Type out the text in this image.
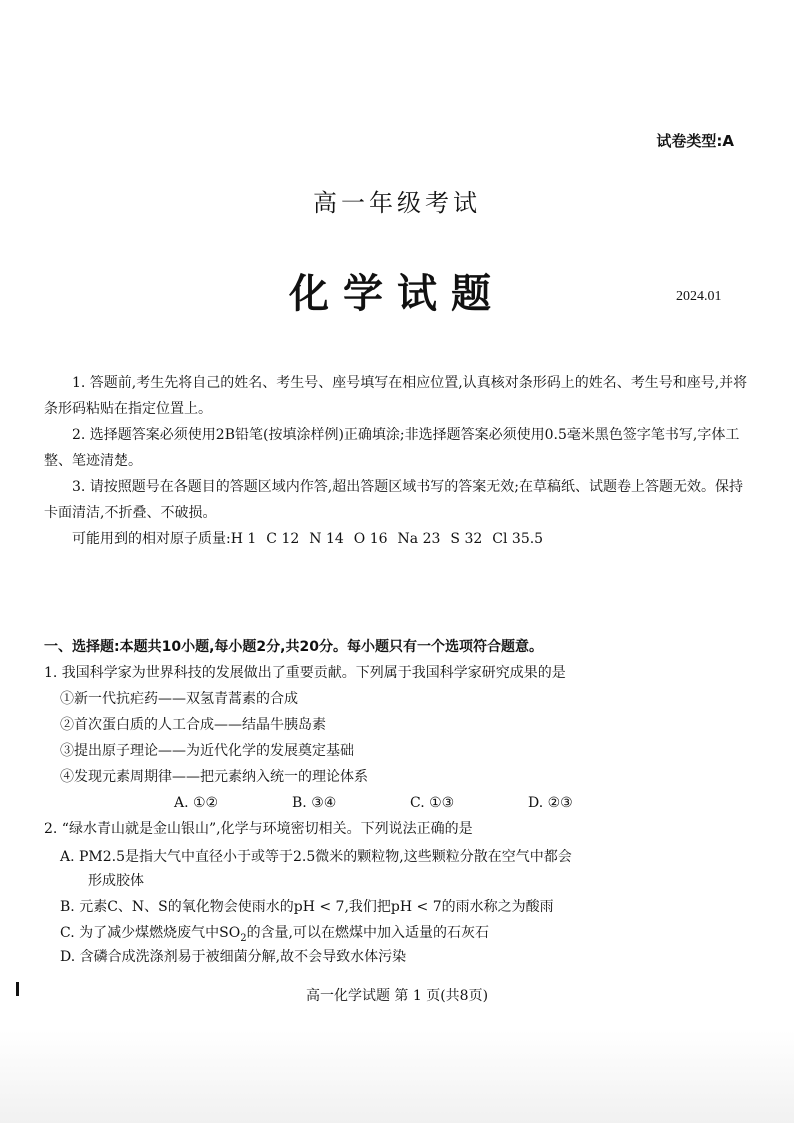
试卷类型:A
高一年级考试
化学试题	2024.01

1. 答题前,考生先将自己的姓名、考生号、座号填写在相应位置,认真核对条形码上的姓名、考生号和座号,并将条形码粘贴在指定位置上。

2. 选择题答案必须使用2B铅笔(按填涂样例)正确填涂;非选择题答案必须使用0.5毫米黑色签字笔书写,字体工整、笔迹清楚。

3. 请按照题号在各题目的答题区域内作答,超出答题区域书写的答案无效;在草稿纸、试题卷上答题无效。保持卡面清洁,不折叠、不破损。

可能用到的相对原子质量:H 1 C 12 N 14 O 16 Na 23 S 32 Cl 35.5

一、选择题:本题共10小题,每小题2分,共20分。每小题只有一个选项符合题意。
1. 我国科学家为世界科技的发展做出了重要贡献。下列属于我国科学家研究成果的是
①新一代抗疟药——双氢青蒿素的合成
②首次蛋白质的人工合成——结晶牛胰岛素
③提出原子理论——为近代化学的发展奠定基础
④发现元素周期律——把元素纳入统一的理论体系
A. ①②	B. ③④	C. ①③	D. ②③
2. “绿水青山就是金山银山”,化学与环境密切相关。下列说法正确的是
A. PM2.5是指大气中直径小于或等于2.5微米的颗粒物,这些颗粒分散在空气中都会
形成胶体
B. 元素C、N、S的氧化物会使雨水的pH < 7,我们把pH < 7的雨水称之为酸雨
C. 为了减少煤燃烧废气中$SO_2$的含量,可以在燃煤中加入适量的石灰石
D. 含磷合成洗涤剂易于被细菌分解,故不会导致水体污染
高一化学试题 第 1 页(共8页)
